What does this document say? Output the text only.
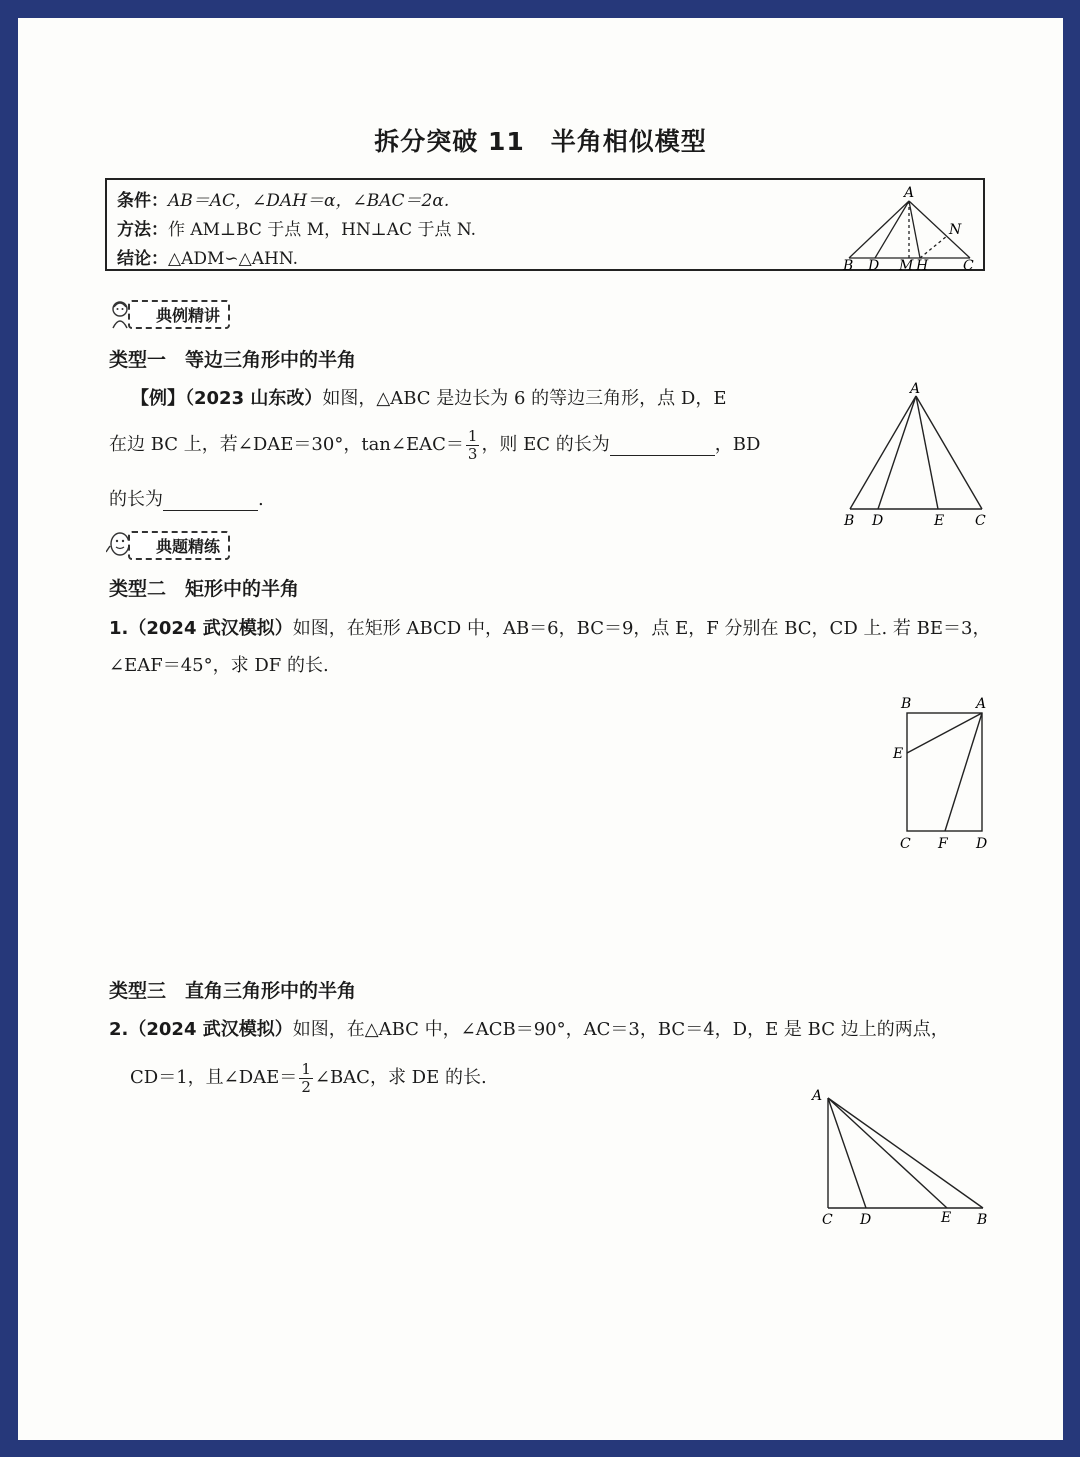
拆分突破 11　半角相似模型
条件：AB＝AC，∠DAH＝α，∠BAC＝2α.
方法：作 AM⊥BC 于点 M，HN⊥AC 于点 N.
结论：△ADM∽△AHN.
A
B D M H C
N
典例精讲
类型一　等边三角形中的半角
【例】（2023 山东改）如图，△ABC 是边长为 6 的等边三角形，点 D，E
在边 BC 上，若∠DAE＝30°，tan∠EAC＝ $\frac{1}{3}$ ，则 EC 的长为	，BD
的长为	.
A
B D	E C
典题精练
类型二　矩形中的半角
1.（2024 武汉模拟）如图，在矩形 ABCD 中，AB＝6，BC＝9，点 E，F 分别在 BC，CD 上. 若 BE＝3，
∠EAF＝45°，求 DF 的长.
B	A
E
C F D
类型三　直角三角形中的半角
2.（2024 武汉模拟）如图，在△ABC 中，∠ACB＝90°，AC＝3，BC＝4，D，E 是 BC 边上的两点，
CD＝1，且∠DAE＝ $\frac{1}{2}$ ∠BAC，求 DE 的长.
A
C D	E B
